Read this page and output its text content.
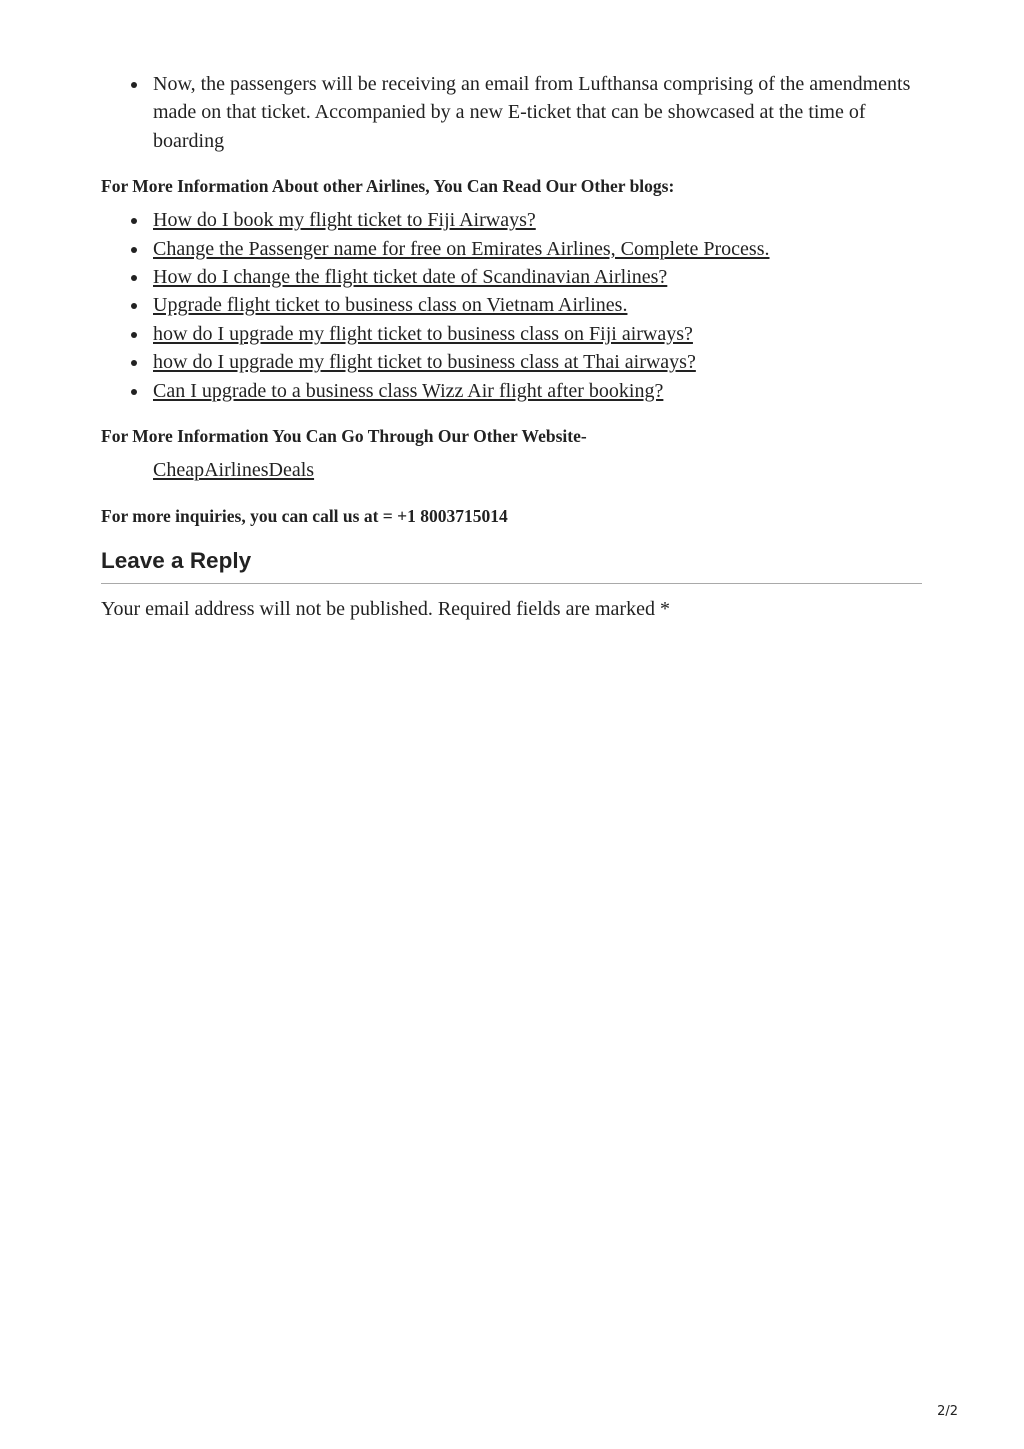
Now, the passengers will be receiving an email from Lufthansa comprising of the amendments made on that ticket. Accompanied by a new E-ticket that can be showcased at the time of boarding

For More Information About other Airlines, You Can Read Our Other blogs:

How do I book my flight ticket to Fiji Airways?
Change the Passenger name for free on Emirates Airlines, Complete Process.
How do I change the flight ticket date of Scandinavian Airlines?
Upgrade flight ticket to business class on Vietnam Airlines.
how do I upgrade my flight ticket to business class on Fiji airways?
how do I upgrade my flight ticket to business class at Thai airways?
Can I upgrade to a business class Wizz Air flight after booking?

For More Information You Can Go Through Our Other Website-

CheapAirlinesDeals

For more inquiries, you can call us at = +1 8003715014

Leave a Reply

Your email address will not be published. Required fields are marked *

2/2
